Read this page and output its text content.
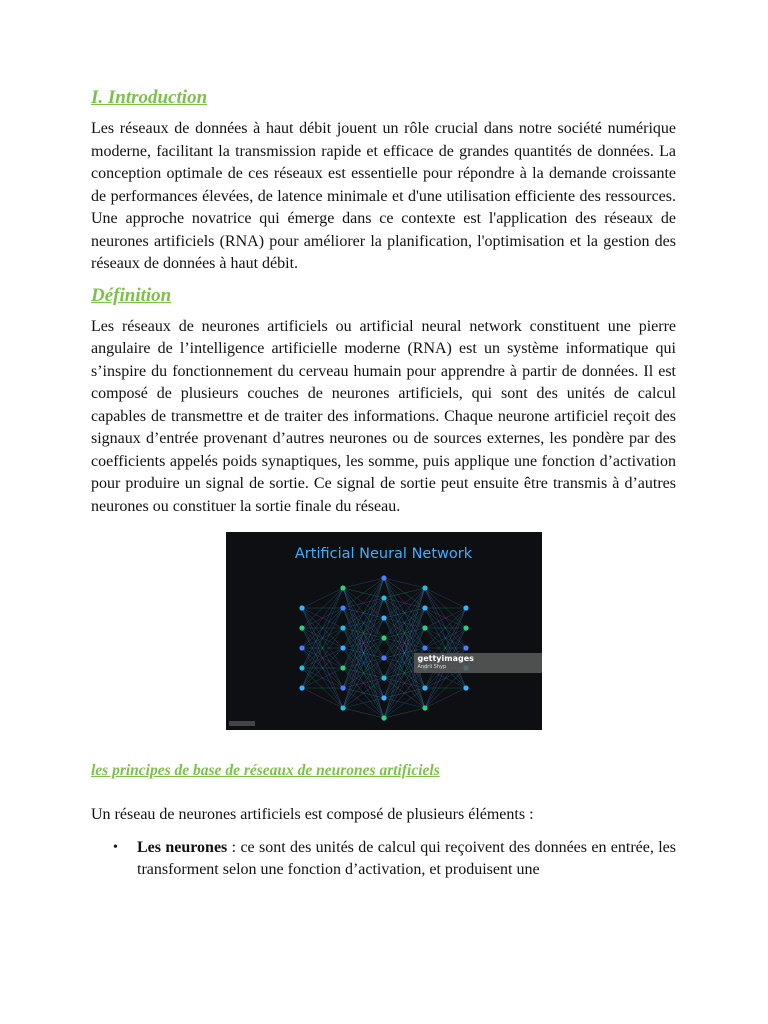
I. Introduction

Les réseaux de données à haut débit jouent un rôle crucial dans notre société numérique moderne, facilitant la transmission rapide et efficace de grandes quantités de données. La conception optimale de ces réseaux est essentielle pour répondre à la demande croissante de performances élevées, de latence minimale et d'une utilisation efficiente des ressources. Une approche novatrice qui émerge dans ce contexte est l'application des réseaux de neurones artificiels (RNA) pour améliorer la planification, l'optimisation et la gestion des réseaux de données à haut débit.

Définition

Les réseaux de neurones artificiels ou artificial neural network constituent une pierre angulaire de l’intelligence artificielle moderne (RNA) est un système informatique qui s’inspire du fonctionnement du cerveau humain pour apprendre à partir de données. Il est composé de plusieurs couches de neurones artificiels, qui sont des unités de calcul capables de transmettre et de traiter des informations. Chaque neurone artificiel reçoit des signaux d’entrée provenant d’autres neurones ou de sources externes, les pondère par des coefficients appelés poids synaptiques, les somme, puis applique une fonction d’activation pour produire un signal de sortie. Ce signal de sortie peut ensuite être transmis à d’autres neurones ou constituer la sortie finale du réseau.

Artificial Neural Network
gettyimages
Andrii Shyp
les principes de base de réseaux de neurones artificiels

Un réseau de neurones artificiels est composé de plusieurs éléments :

• Les neurones : ce sont des unités de calcul qui reçoivent des données en entrée, les transforment selon une fonction d’activation, et produisent une
